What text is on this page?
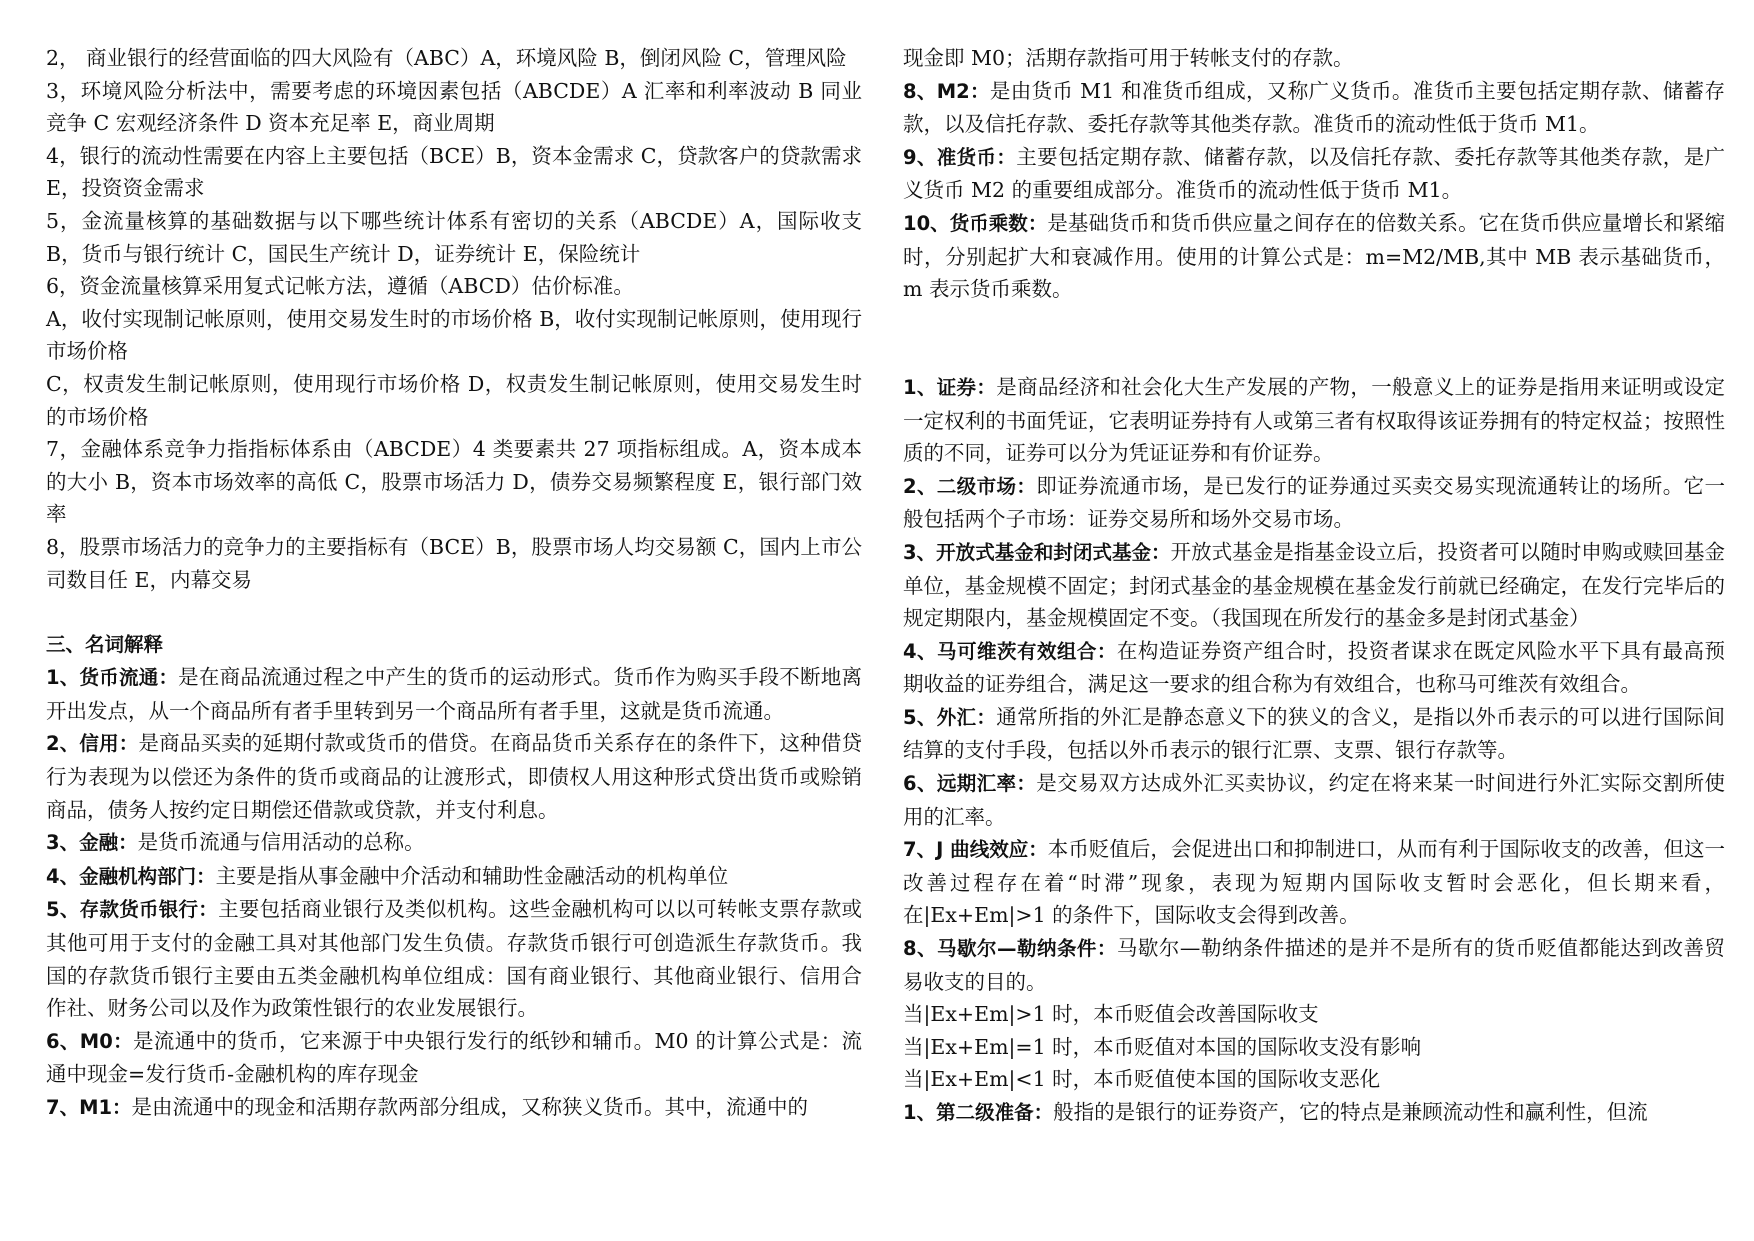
2， 商业银行的经营面临的四大风险有（ABC）A，环境风险 B，倒闭风险 C，管理风险

3，环境风险分析法中，需要考虑的环境因素包括（ABCDE）A 汇率和利率波动 B 同业竞争 C 宏观经济条件 D 资本充足率 E，商业周期

4，银行的流动性需要在内容上主要包括（BCE）B，资本金需求 C，贷款客户的贷款需求 E，投资资金需求

5，金流量核算的基础数据与以下哪些统计体系有密切的关系（ABCDE）A，国际收支 B，货币与银行统计 C，国民生产统计 D，证券统计 E，保险统计

6，资金流量核算采用复式记帐方法，遵循（ABCD）估价标准。

A，收付实现制记帐原则，使用交易发生时的市场价格 B，收付实现制记帐原则，使用现行市场价格

C，权责发生制记帐原则，使用现行市场价格 D，权责发生制记帐原则，使用交易发生时的市场价格

7，金融体系竞争力指指标体系由（ABCDE）4 类要素共 27 项指标组成。A，资本成本的大小 B，资本市场效率的高低 C，股票市场活力 D，债券交易频繁程度 E，银行部门效率

8，股票市场活力的竞争力的主要指标有（BCE）B，股票市场人均交易额 C，国内上市公司数目任 E，内幕交易

三、名词解释

1、货币流通：是在商品流通过程之中产生的货币的运动形式。货币作为购买手段不断地离开出发点，从一个商品所有者手里转到另一个商品所有者手里，这就是货币流通。

2、信用：是商品买卖的延期付款或货币的借贷。在商品货币关系存在的条件下，这种借贷行为表现为以偿还为条件的货币或商品的让渡形式，即债权人用这种形式贷出货币或赊销商品，债务人按约定日期偿还借款或贷款，并支付利息。

3、金融：是货币流通与信用活动的总称。

4、金融机构部门：主要是指从事金融中介活动和辅助性金融活动的机构单位

5、存款货币银行：主要包括商业银行及类似机构。这些金融机构可以以可转帐支票存款或其他可用于支付的金融工具对其他部门发生负债。存款货币银行可创造派生存款货币。我国的存款货币银行主要由五类金融机构单位组成：国有商业银行、其他商业银行、信用合作社、财务公司以及作为政策性银行的农业发展银行。

6、M0：是流通中的货币，它来源于中央银行发行的纸钞和辅币。M0 的计算公式是：流通中现金=发行货币-金融机构的库存现金

7、M1：是由流通中的现金和活期存款两部分组成，又称狭义货币。其中，流通中的

现金即 M0；活期存款指可用于转帐支付的存款。

8、M2：是由货币 M1 和准货币组成，又称广义货币。准货币主要包括定期存款、储蓄存款，以及信托存款、委托存款等其他类存款。准货币的流动性低于货币 M1。

9、准货币：主要包括定期存款、储蓄存款，以及信托存款、委托存款等其他类存款，是广义货币 M2 的重要组成部分。准货币的流动性低于货币 M1。

10、货币乘数：是基础货币和货币供应量之间存在的倍数关系。它在货币供应量增长和紧缩时，分别起扩大和衰减作用。使用的计算公式是：m=M2/MB,其中 MB 表示基础货币，m 表示货币乘数。

1、证券：是商品经济和社会化大生产发展的产物，一般意义上的证券是指用来证明或设定一定权利的书面凭证，它表明证券持有人或第三者有权取得该证券拥有的特定权益；按照性质的不同，证券可以分为凭证证券和有价证券。

2、二级市场：即证券流通市场，是已发行的证券通过买卖交易实现流通转让的场所。它一般包括两个子市场：证券交易所和场外交易市场。

3、开放式基金和封闭式基金：开放式基金是指基金设立后，投资者可以随时申购或赎回基金单位，基金规模不固定；封闭式基金的基金规模在基金发行前就已经确定，在发行完毕后的规定期限内，基金规模固定不变。（我国现在所发行的基金多是封闭式基金）

4、马可维茨有效组合：在构造证券资产组合时，投资者谋求在既定风险水平下具有最高预期收益的证券组合，满足这一要求的组合称为有效组合，也称马可维茨有效组合。

5、外汇：通常所指的外汇是静态意义下的狭义的含义，是指以外币表示的可以进行国际间结算的支付手段，包括以外币表示的银行汇票、支票、银行存款等。

6、远期汇率：是交易双方达成外汇买卖协议，约定在将来某一时间进行外汇实际交割所使用的汇率。

7、J 曲线效应：本币贬值后，会促进出口和抑制进口，从而有利于国际收支的改善，但这一改善过程存在着“时滞”现象，表现为短期内国际收支暂时会恶化，但长期来看，在|Ex+Em|>1 的条件下，国际收支会得到改善。

8、马歇尔—勒纳条件：马歇尔—勒纳条件描述的是并不是所有的货币贬值都能达到改善贸易收支的目的。

当|Ex+Em|>1 时，本币贬值会改善国际收支

当|Ex+Em|=1 时，本币贬值对本国的国际收支没有影响

当|Ex+Em|<1 时，本币贬值使本国的国际收支恶化

1、第二级准备：般指的是银行的证券资产，它的特点是兼顾流动性和赢利性，但流
